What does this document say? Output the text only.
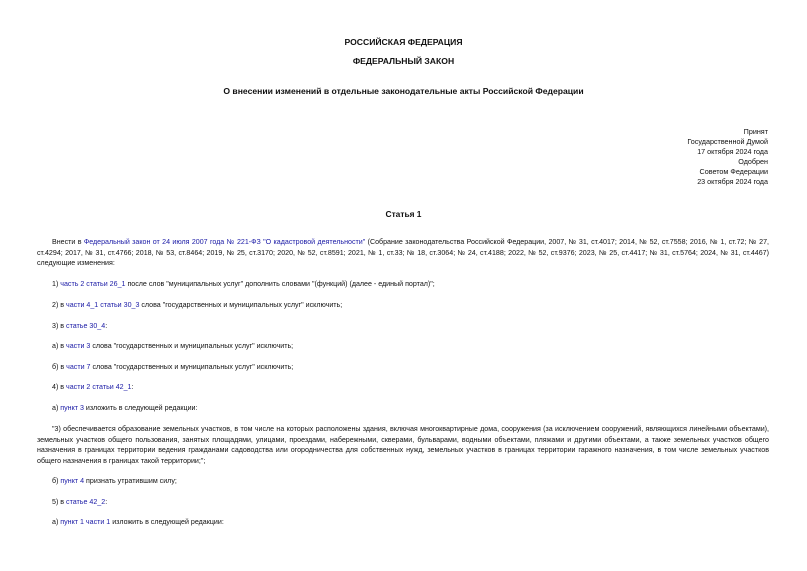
РОССИЙСКАЯ ФЕДЕРАЦИЯ
ФЕДЕРАЛЬНЫЙ ЗАКОН
О внесении изменений в отдельные законодательные акты Российской Федерации
Принят
Государственной Думой
17 октября 2024 года
Одобрен
Советом Федерации
23 октября 2024 года
Статья 1

Внести в Федеральный закон от 24 июля 2007 года № 221-ФЗ "О кадастровой деятельности" (Собрание законодательства Российской Федерации, 2007, № 31, ст.4017; 2014, № 52, ст.7558; 2016, № 1, ст.72; № 27, ст.4294; 2017, № 31, ст.4766; 2018, № 53, ст.8464; 2019, № 25, ст.3170; 2020, № 52, ст.8591; 2021, № 1, ст.33; № 18, ст.3064; № 24, ст.4188; 2022, № 52, ст.9376; 2023, № 25, ст.4417; № 31, ст.5764; 2024, № 31, ст.4467) следующие изменения:

1) часть 2 статьи 26_1 после слов "муниципальных услуг" дополнить словами "(функций) (далее - единый портал)";

2) в части 4_1 статьи 30_3 слова "государственных и муниципальных услуг" исключить;

3) в статье 30_4:

а) в части 3 слова "государственных и муниципальных услуг" исключить;

б) в части 7 слова "государственных и муниципальных услуг" исключить;

4) в части 2 статьи 42_1:

а) пункт 3 изложить в следующей редакции:

"3) обеспечивается образование земельных участков, в том числе на которых расположены здания, включая многоквартирные дома, сооружения (за исключением сооружений, являющихся линейными объектами), земельных участков общего пользования, занятых площадями, улицами, проездами, набережными, скверами, бульварами, водными объектами, пляжами и другими объектами, а также земельных участков общего назначения в границах территории ведения гражданами садоводства или огородничества для собственных нужд, земельных участков в границах территории гаражного назначения, в том числе земельных участков общего назначения в границах такой территории;";

б) пункт 4 признать утратившим силу;

5) в статье 42_2:

а) пункт 1 части 1 изложить в следующей редакции:
